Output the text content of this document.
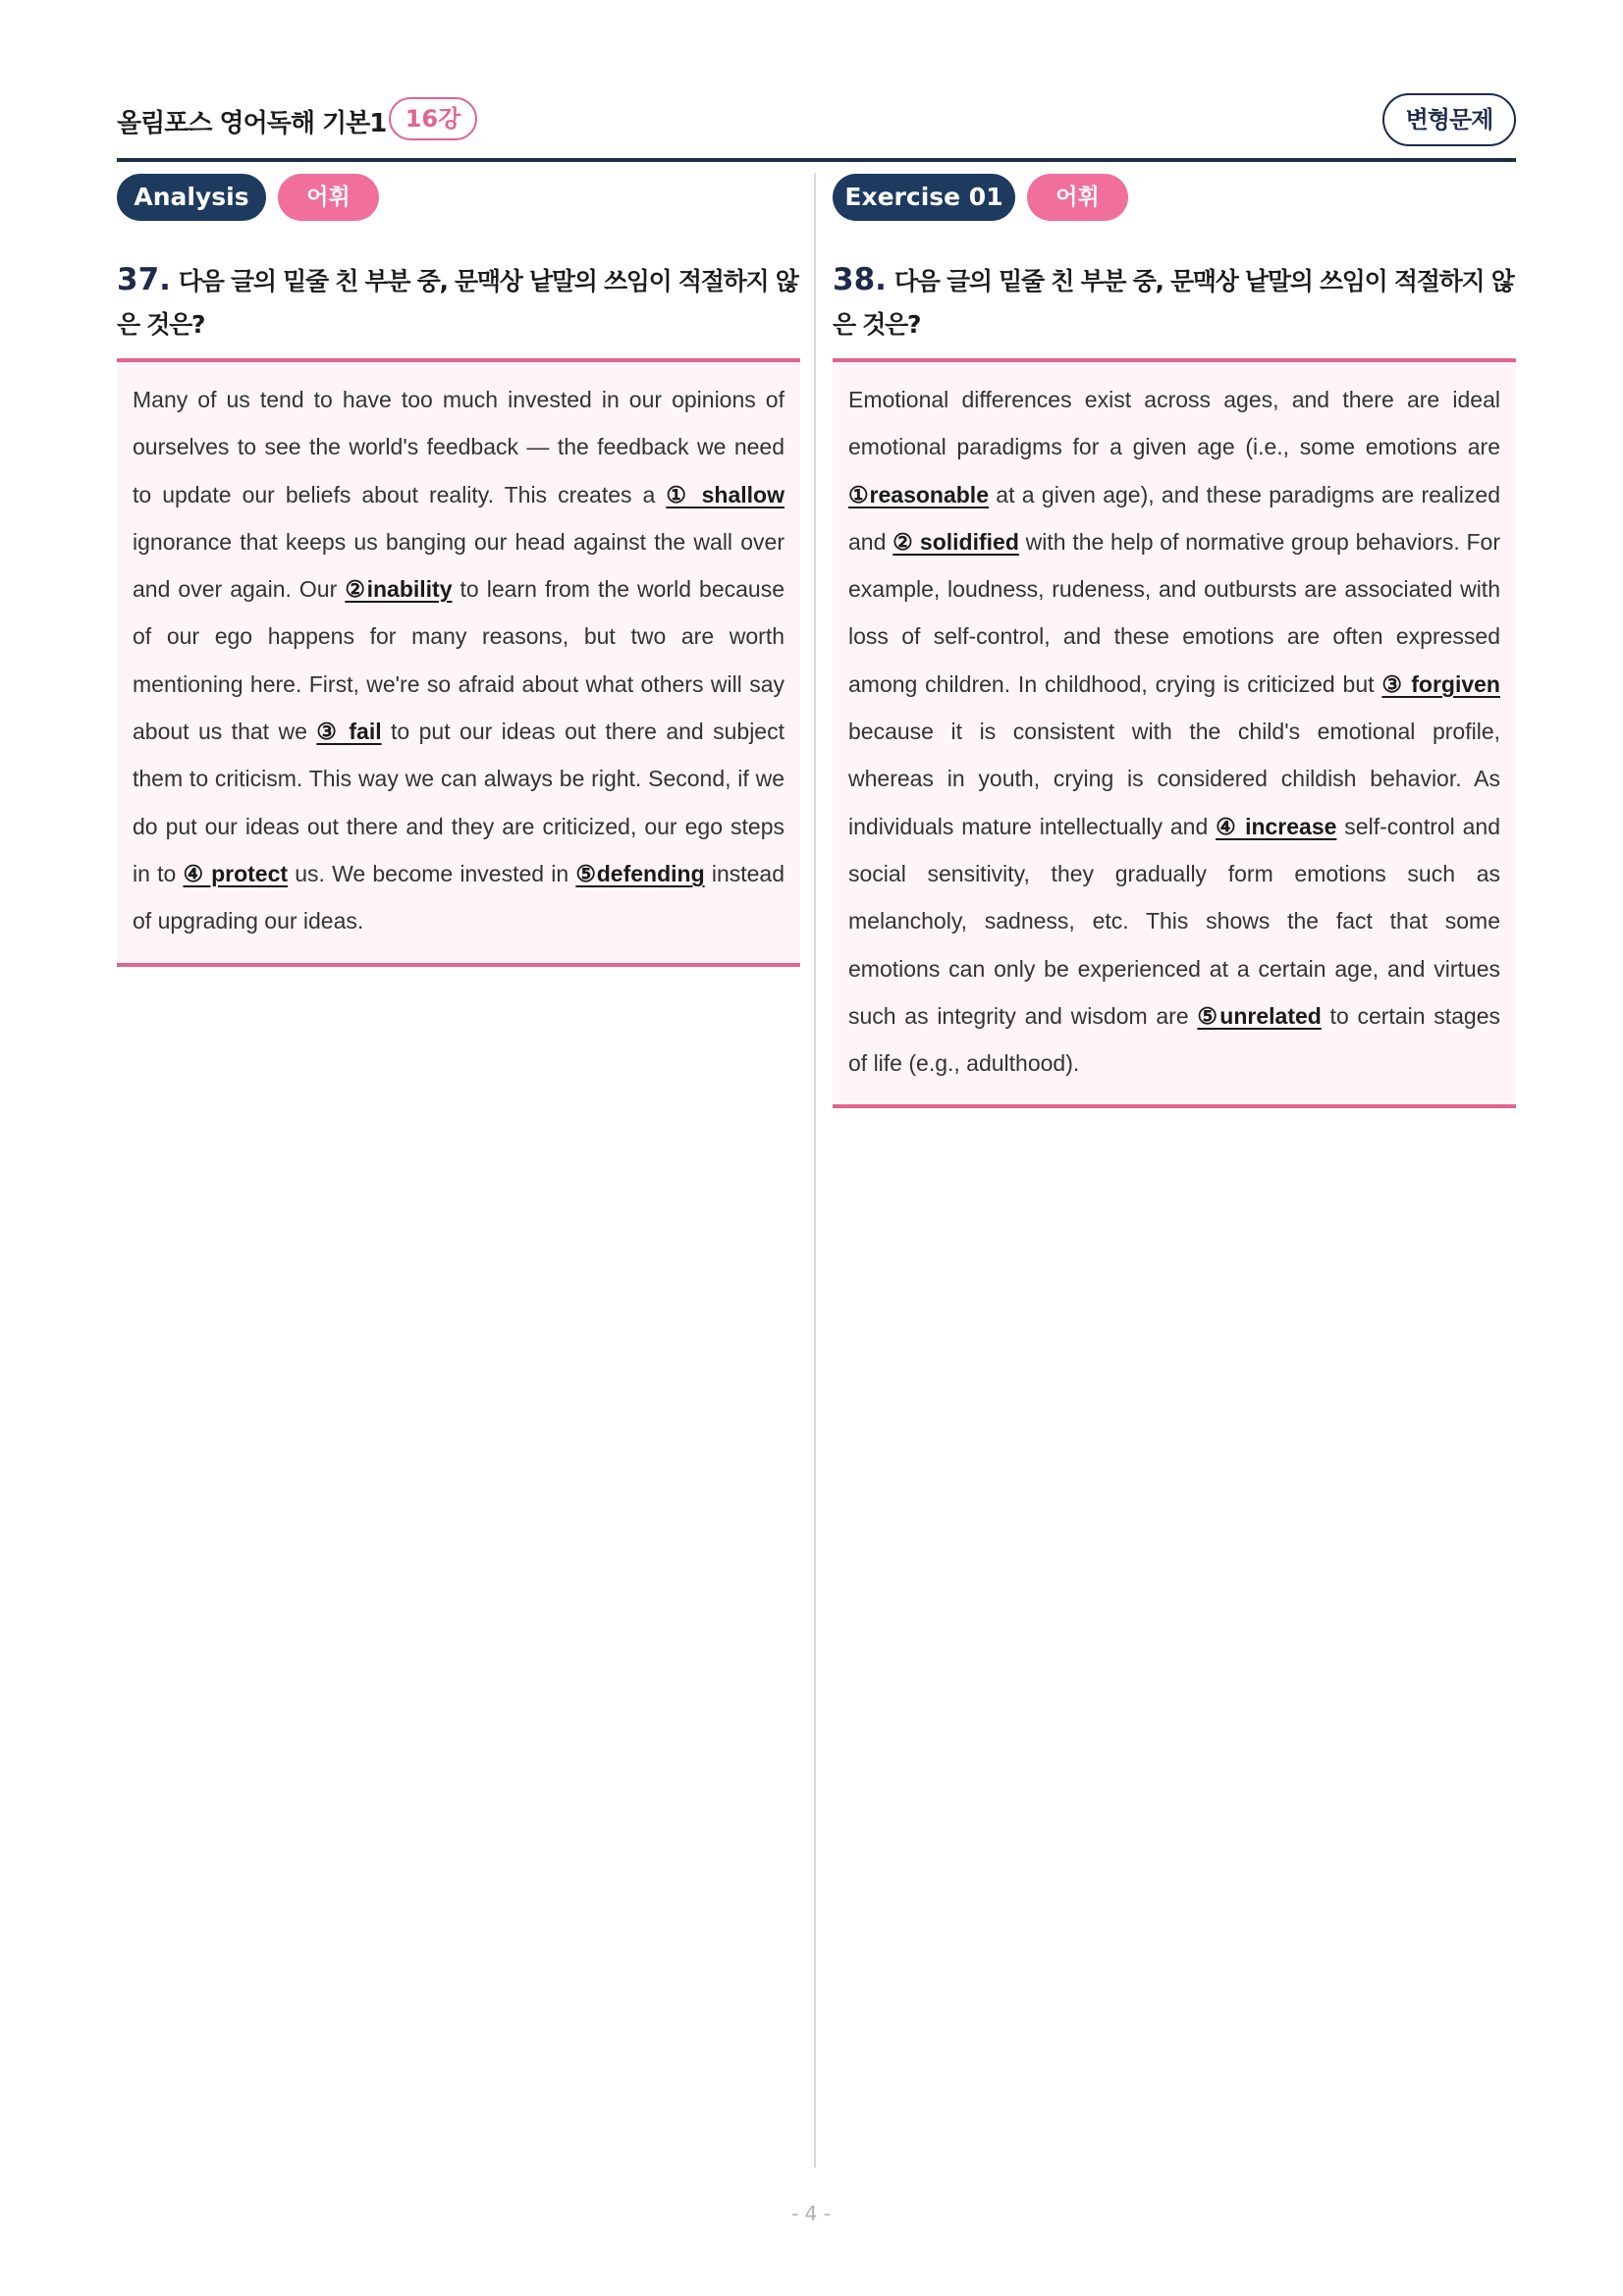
올림포스 영어독해 기본1 16강	변형문제
Analysis	어휘
37. 다음 글의 밑줄 친 부분 중, 문맥상 낱말의 쓰임이 적절하지 않은 것은?

Many of us tend to have too much invested in our opinions of ourselves to see the world's feedback — the feedback we need to update our beliefs about reality. This creates a ① shallow ignorance that keeps us banging our head against the wall over and over again. Our ②inability to learn from the world because of our ego happens for many reasons, but two are worth mentioning here. First, we're so afraid about what others will say about us that we ③ fail to put our ideas out there and subject them to criticism. This way we can always be right. Second, if we do put our ideas out there and they are criticized, our ego steps in to ④ protect us. We become invested in ⑤defending instead of upgrading our ideas.

Exercise 01	어휘
38. 다음 글의 밑줄 친 부분 중, 문맥상 낱말의 쓰임이 적절하지 않은 것은?

Emotional differences exist across ages, and there are ideal emotional paradigms for a given age (i.e., some emotions are ①reasonable at a given age), and these paradigms are realized and ② solidified with the help of normative group behaviors. For example, loudness, rudeness, and outbursts are associated with loss of self-control, and these emotions are often expressed among children. In childhood, crying is criticized but ③ forgiven because it is consistent with the child's emotional profile, whereas in youth, crying is considered childish behavior. As individuals mature intellectually and ④ increase self-control and social sensitivity, they gradually form emotions such as melancholy, sadness, etc. This shows the fact that some emotions can only be experienced at a certain age, and virtues such as integrity and wisdom are ⑤unrelated to certain stages of life (e.g., adulthood).

- 4 -
